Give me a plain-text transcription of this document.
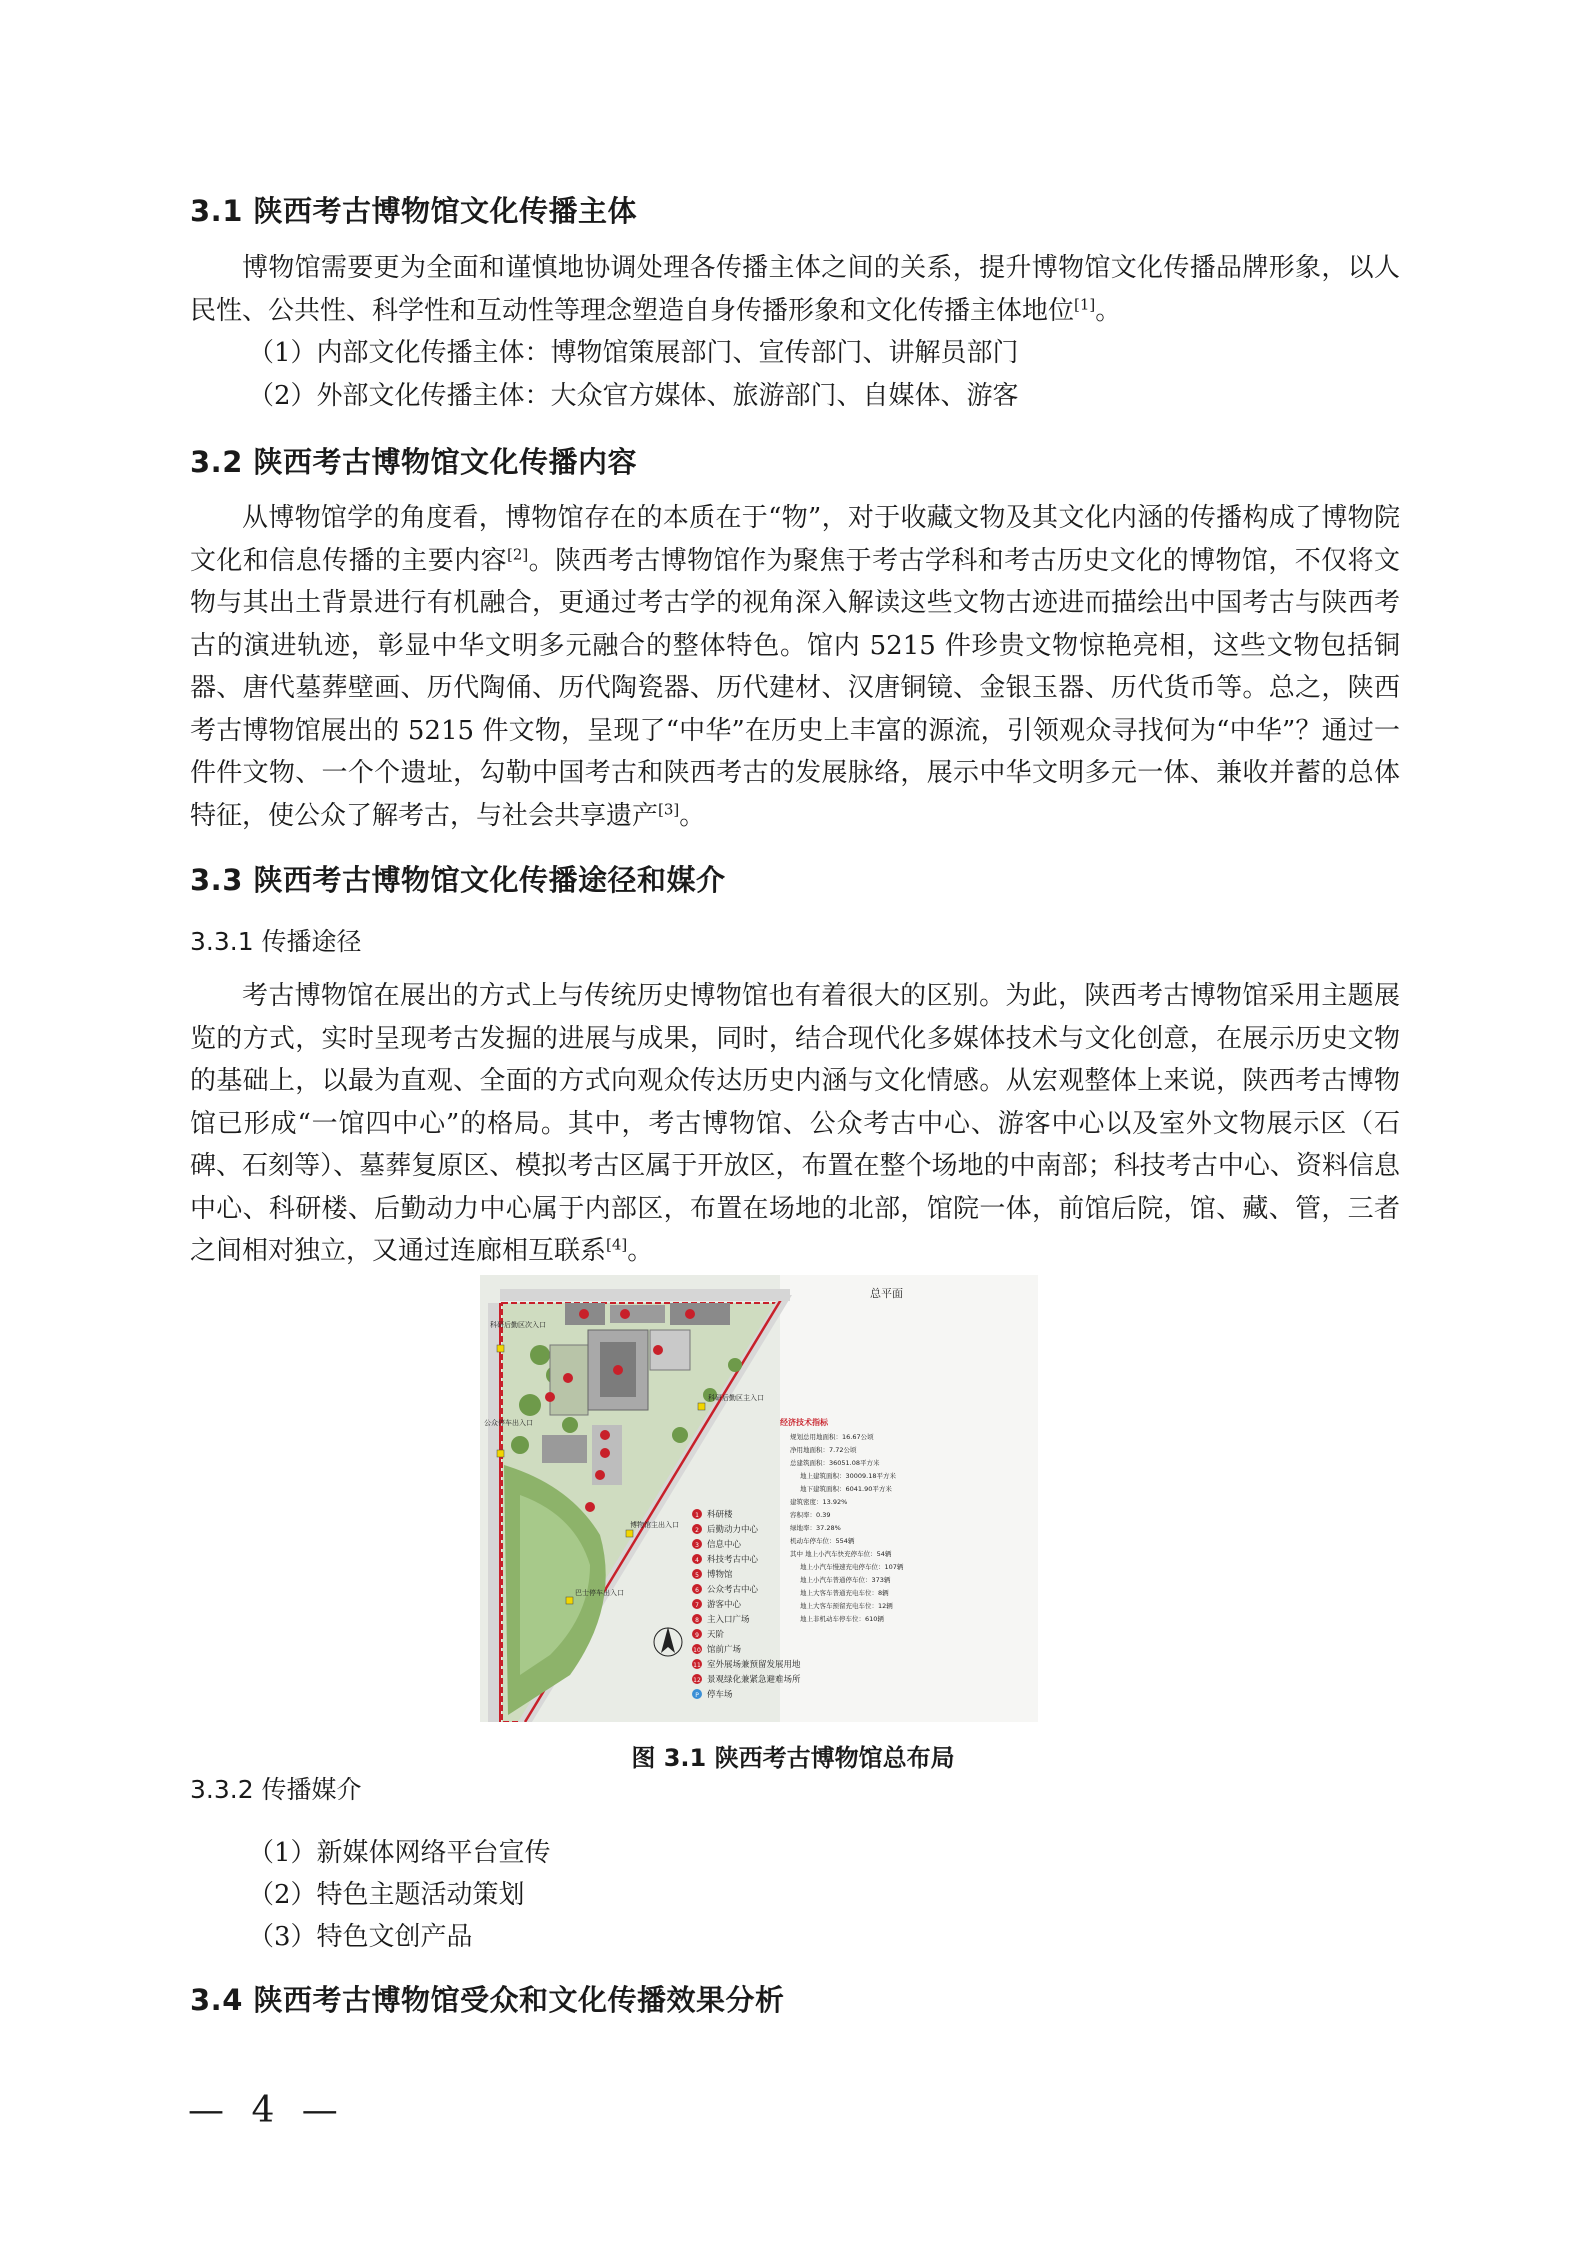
3.1 陕西考古博物馆文化传播主体

博物馆需要更为全面和谨慎地协调处理各传播主体之间的关系，提升博物馆文化传播品牌形象，以人民性、公共性、科学性和互动性等理念塑造自身传播形象和文化传播主体地位[1]。

（1）内部文化传播主体：博物馆策展部门、宣传部门、讲解员部门
（2）外部文化传播主体：大众官方媒体、旅游部门、自媒体、游客
3.2 陕西考古博物馆文化传播内容

从博物馆学的角度看，博物馆存在的本质在于“物”，对于收藏文物及其文化内涵的传播构成了博物院文化和信息传播的主要内容[2]。陕西考古博物馆作为聚焦于考古学科和考古历史文化的博物馆，不仅将文物与其出土背景进行有机融合，更通过考古学的视角深入解读这些文物古迹进而描绘出中国考古与陕西考古的演进轨迹，彰显中华文明多元融合的整体特色。馆内 5215 件珍贵文物惊艳亮相，这些文物包括铜器、唐代墓葬壁画、历代陶俑、历代陶瓷器、历代建材、汉唐铜镜、金银玉器、历代货币等。总之，陕西考古博物馆展出的 5215 件文物，呈现了“中华”在历史上丰富的源流，引领观众寻找何为“中华”？通过一件件文物、一个个遗址，勾勒中国考古和陕西考古的发展脉络，展示中华文明多元一体、兼收并蓄的总体特征，使公众了解考古，与社会共享遗产[3]。

3.3 陕西考古博物馆文化传播途径和媒介
3.3.1 传播途径

考古博物馆在展出的方式上与传统历史博物馆也有着很大的区别。为此，陕西考古博物馆采用主题展览的方式，实时呈现考古发掘的进展与成果，同时，结合现代化多媒体技术与文化创意，在展示历史文物的基础上，以最为直观、全面的方式向观众传达历史内涵与文化情感。从宏观整体上来说，陕西考古博物馆已形成“一馆四中心”的格局。其中，考古博物馆、公众考古中心、游客中心以及室外文物展示区（石碑、石刻等）、墓葬复原区、模拟考古区属于开放区，布置在整个场地的中南部；科技考古中心、资料信息中心、科研楼、后勤动力中心属于内部区，布置在场地的北部，馆院一体，前馆后院，馆、藏、管，三者之间相对独立，又通过连廊相互联系[4]。

科研后勤区次入口
公众停车出入口
科研后勤区主入口
博物馆主出入口
巴士停车出入口
总平面
1 科研楼
2 后勤动力中心
3 信息中心
4 科技考古中心
5 博物馆
6 公众考古中心
7 游客中心
8 主入口广场
9 天阶
10 馆前广场
11 室外展场兼预留发展用地
12 景观绿化兼紧急避难场所
P 停车场
经济技术指标
规划总用地面积：16.67公顷
净用地面积：7.72公顷
总建筑面积：36051.08平方米
地上建筑面积：30009.18平方米
地下建筑面积：6041.90平方米
建筑密度：13.92%
容积率：0.39
绿地率：37.28%
机动车停车位：554辆
其中 地上小汽车快充停车位：54辆
地上小汽车慢速充电停车位：107辆
地上小汽车普通停车位：373辆
地上大客车普通充电车位：8辆
地上大客车预留充电车位：12辆
地上非机动车停车位：610辆
图 3.1 陕西考古博物馆总布局
3.3.2 传播媒介
（1）新媒体网络平台宣传
（2）特色主题活动策划
（3）特色文创产品
3.4 陕西考古博物馆受众和文化传播效果分析
— 4 —
